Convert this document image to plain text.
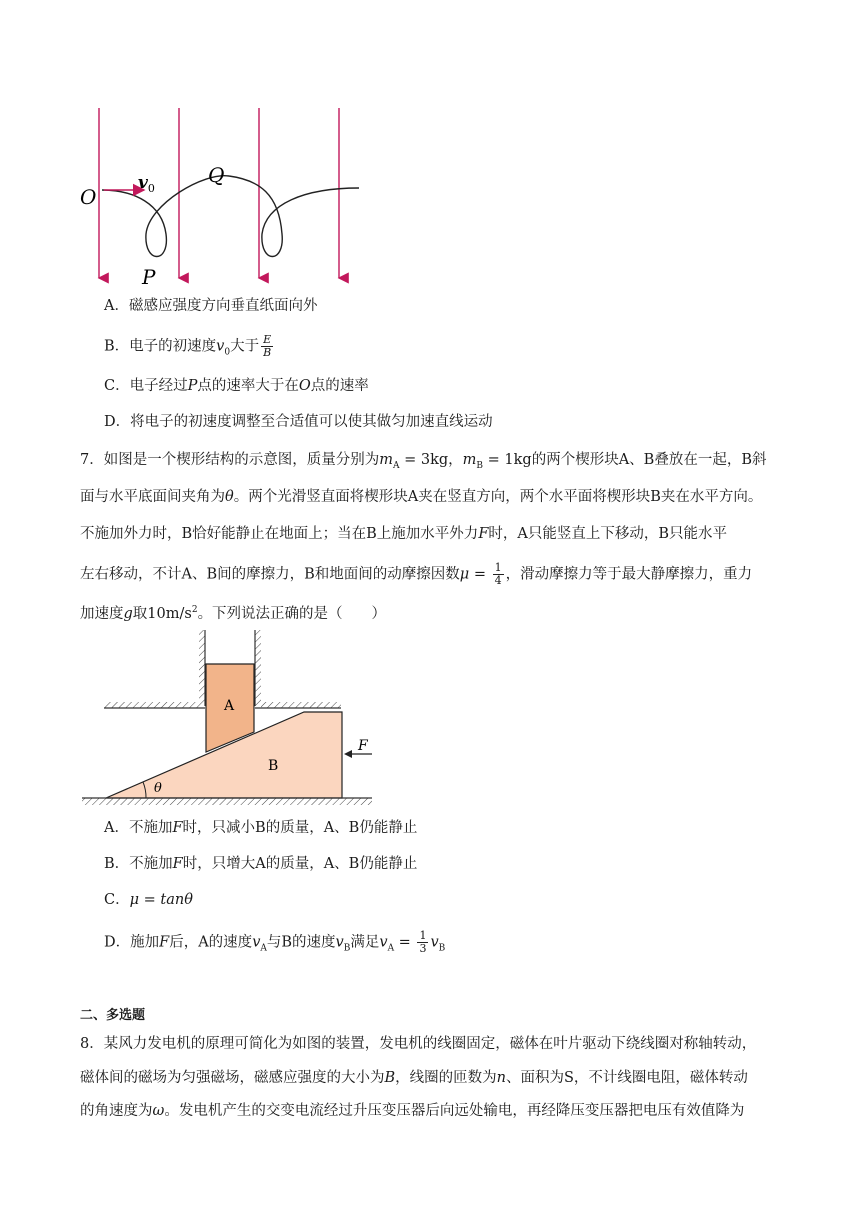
O
$v_0$
Q
P
A．磁感应强度方向垂直纸面向外
B．电子的初速度$v_0$大于 $\frac{E}{B}$
C．电子经过P点的速率大于在O点的速率
D．将电子的初速度调整至合适值可以使其做匀加速直线运动
7．如图是一个楔形结构的示意图，质量分别为$m_A = 3kg$，$m_B = 1kg$的两个楔形块A、B叠放在一起，B斜
面与水平底面间夹角为θ。两个光滑竖直面将楔形块A夹在竖直方向，两个水平面将楔形块B夹在水平方向。
不施加外力时，B恰好能静止在地面上；当在B上施加水平外力F时，A只能竖直上下移动，B只能水平
左右移动，不计A、B间的摩擦力，B和地面间的动摩擦因数$\mu = \frac{1}{4}$ ，滑动摩擦力等于最大静摩擦力，重力
加速度g取$10m/s^2$。下列说法正确的是（　　）
A
B
θ
F
A．不施加F时，只减小B的质量，A、B仍能静止
B．不施加F时，只增大A的质量，A、B仍能静止
C．μ = tanθ
D．施加F后，A的速度$v_A$与B的速度$v_B$满足$v_A = \frac{1}{3} v_B$
二、多选题
8．某风力发电机的原理可简化为如图的装置，发电机的线圈固定，磁体在叶片驱动下绕线圈对称轴转动，
磁体间的磁场为匀强磁场，磁感应强度的大小为B，线圈的匝数为n、面积为S，不计线圈电阻，磁体转动
的角速度为ω。发电机产生的交变电流经过升压变压器后向远处输电，再经降压变压器把电压有效值降为
